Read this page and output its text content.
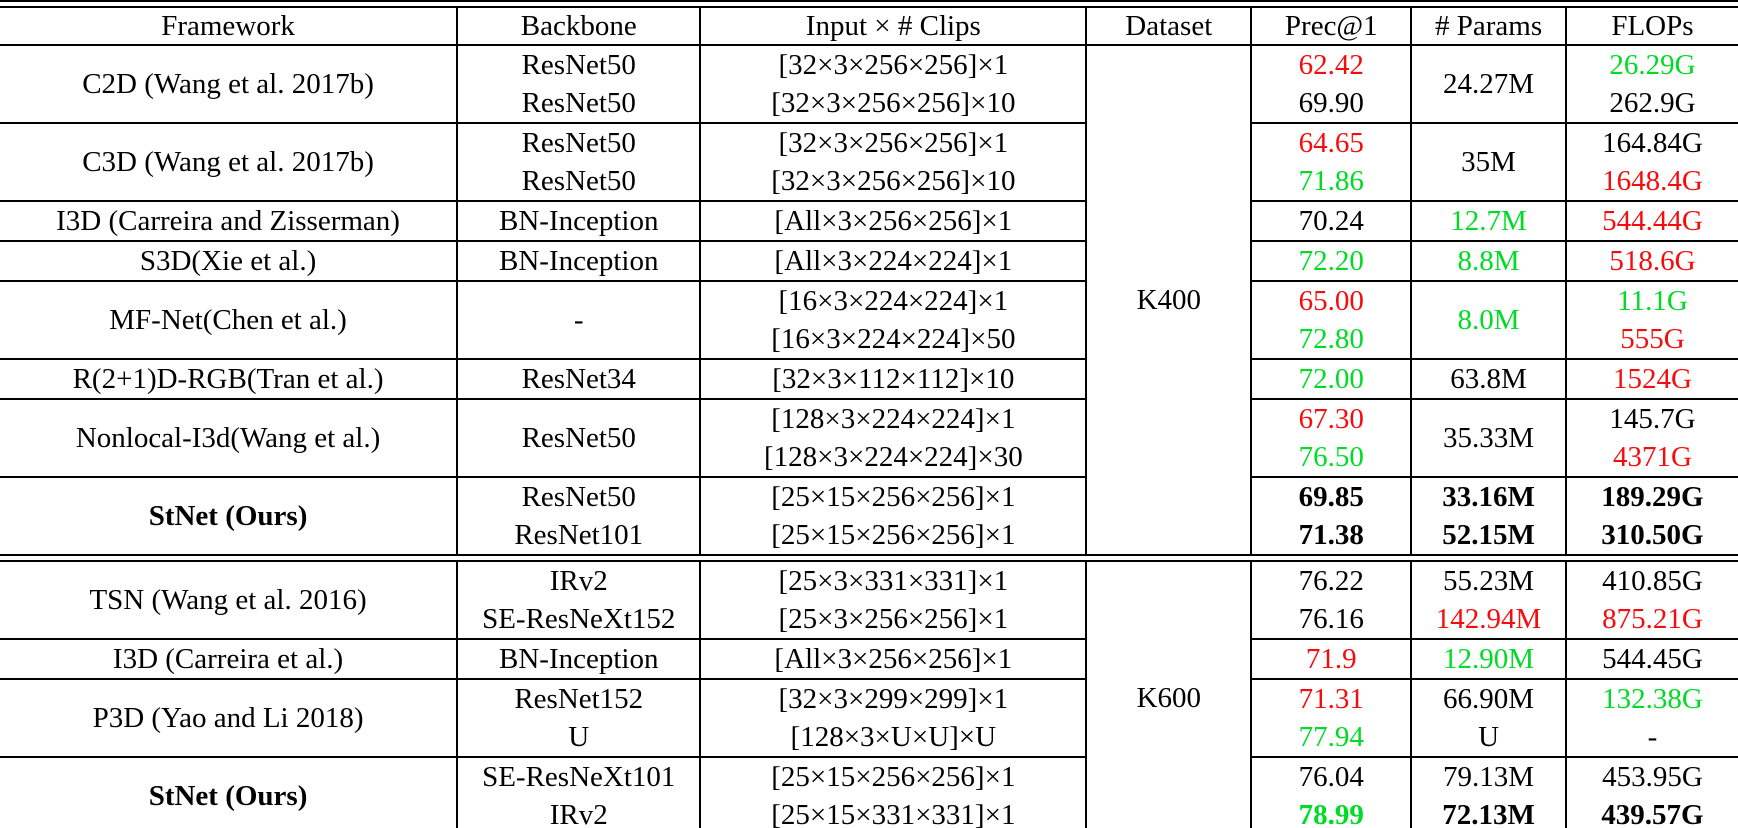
Framework	Backbone	Input × # Clips	Dataset	Prec@1	# Params	FLOPs
C2D (Wang et al. 2017b)	ResNet50	[32×3×256×256]×1	K400	62.42	24.27M	26.29G
	ResNet50	[32×3×256×256]×10		69.90		262.9G
C3D (Wang et al. 2017b)	ResNet50	[32×3×256×256]×1		64.65	35M	164.84G
	ResNet50	[32×3×256×256]×10		71.86		1648.4G
I3D (Carreira and Zisserman)	BN-Inception	[All×3×256×256]×1		70.24	12.7M	544.44G
S3D(Xie et al.)	BN-Inception	[All×3×224×224]×1		72.20	8.8M	518.6G
MF-Net(Chen et al.)	-	[16×3×224×224]×1		65.00	8.0M	11.1G
		[16×3×224×224]×50		72.80		555G
R(2+1)D-RGB(Tran et al.)	ResNet34	[32×3×112×112]×10		72.00	63.8M	1524G
Nonlocal-I3d(Wang et al.)	ResNet50	[128×3×224×224]×1		67.30	35.33M	145.7G
		[128×3×224×224]×30		76.50		4371G
StNet (Ours)	ResNet50	[25×15×256×256]×1		69.85	33.16M	189.29G
	ResNet101	[25×15×256×256]×1		71.38	52.15M	310.50G

TSN (Wang et al. 2016)	IRv2	[25×3×331×331]×1	K600	76.22	55.23M	410.85G
	SE-ResNeXt152	[25×3×256×256]×1		76.16	142.94M	875.21G
I3D (Carreira et al.)	BN-Inception	[All×3×256×256]×1		71.9	12.90M	544.45G
P3D (Yao and Li 2018)	ResNet152	[32×3×299×299]×1		71.31	66.90M	132.38G
	U	[128×3×U×U]×U		77.94	U	-
StNet (Ours)	SE-ResNeXt101	[25×15×256×256]×1		76.04	79.13M	453.95G
	IRv2	[25×15×331×331]×1		78.99	72.13M	439.57G
